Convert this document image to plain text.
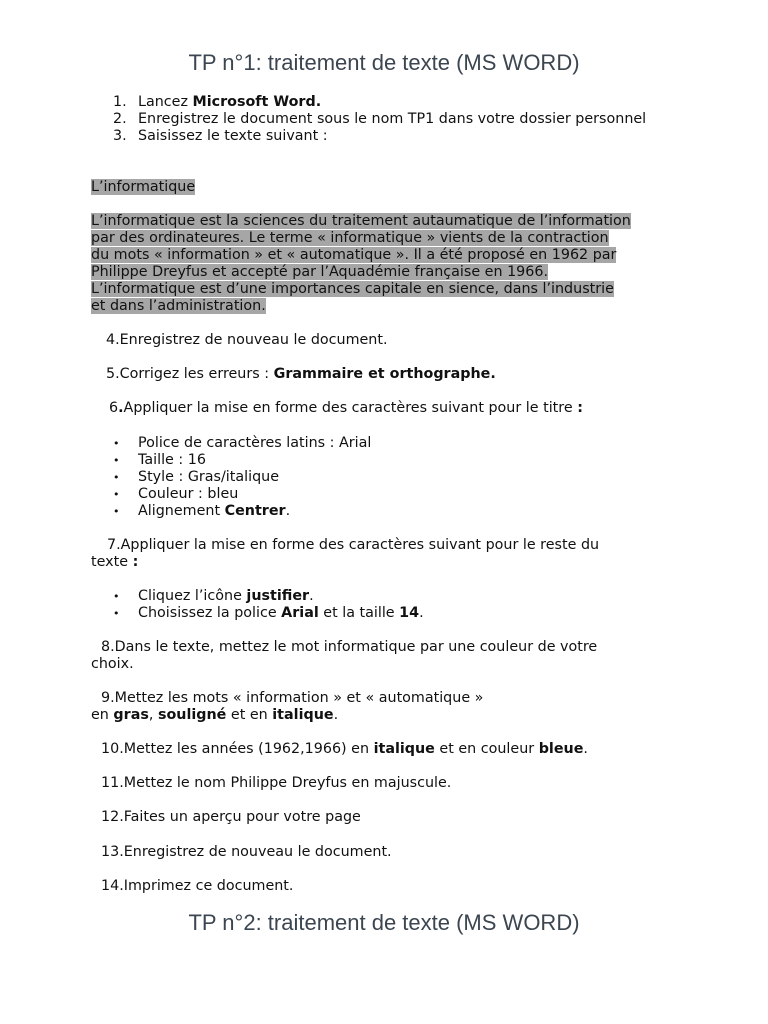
TP n°1: traitement de texte (MS WORD)
1. Lancez Microsoft Word.
2. Enregistrez le document sous le nom TP1 dans votre dossier personnel
3. Saisissez le texte suivant :
L’informatique
L’informatique est la sciences du traitement autaumatique de l’information
par des ordinateures. Le terme « informatique » vients de la contraction
du mots « information » et « automatique ». Il a été proposé en 1962 par
Philippe Dreyfus et accepté par l’Aquadémie française en 1966.
L’informatique est d’une importances capitale en sience, dans l’industrie
et dans l’administration.
4.Enregistrez de nouveau le document.
5.Corrigez les erreurs : Grammaire et orthographe.
6.Appliquer la mise en forme des caractères suivant pour le titre :
• Police de caractères latins : Arial
• Taille : 16
• Style : Gras/italique
• Couleur : bleu
• Alignement Centrer.
7.Appliquer la mise en forme des caractères suivant pour le reste du
texte :
• Cliquez l’icône justifier.
• Choisissez la police Arial et la taille 14.
8.Dans le texte, mettez le mot informatique par une couleur de votre
choix.
9.Mettez les mots « information » et « automatique »
en gras, souligné et en italique.
10.Mettez les années (1962,1966) en italique et en couleur bleue.
11.Mettez le nom Philippe Dreyfus en majuscule.
12.Faites un aperçu pour votre page
13.Enregistrez de nouveau le document.
14.Imprimez ce document.
TP n°2: traitement de texte (MS WORD)
